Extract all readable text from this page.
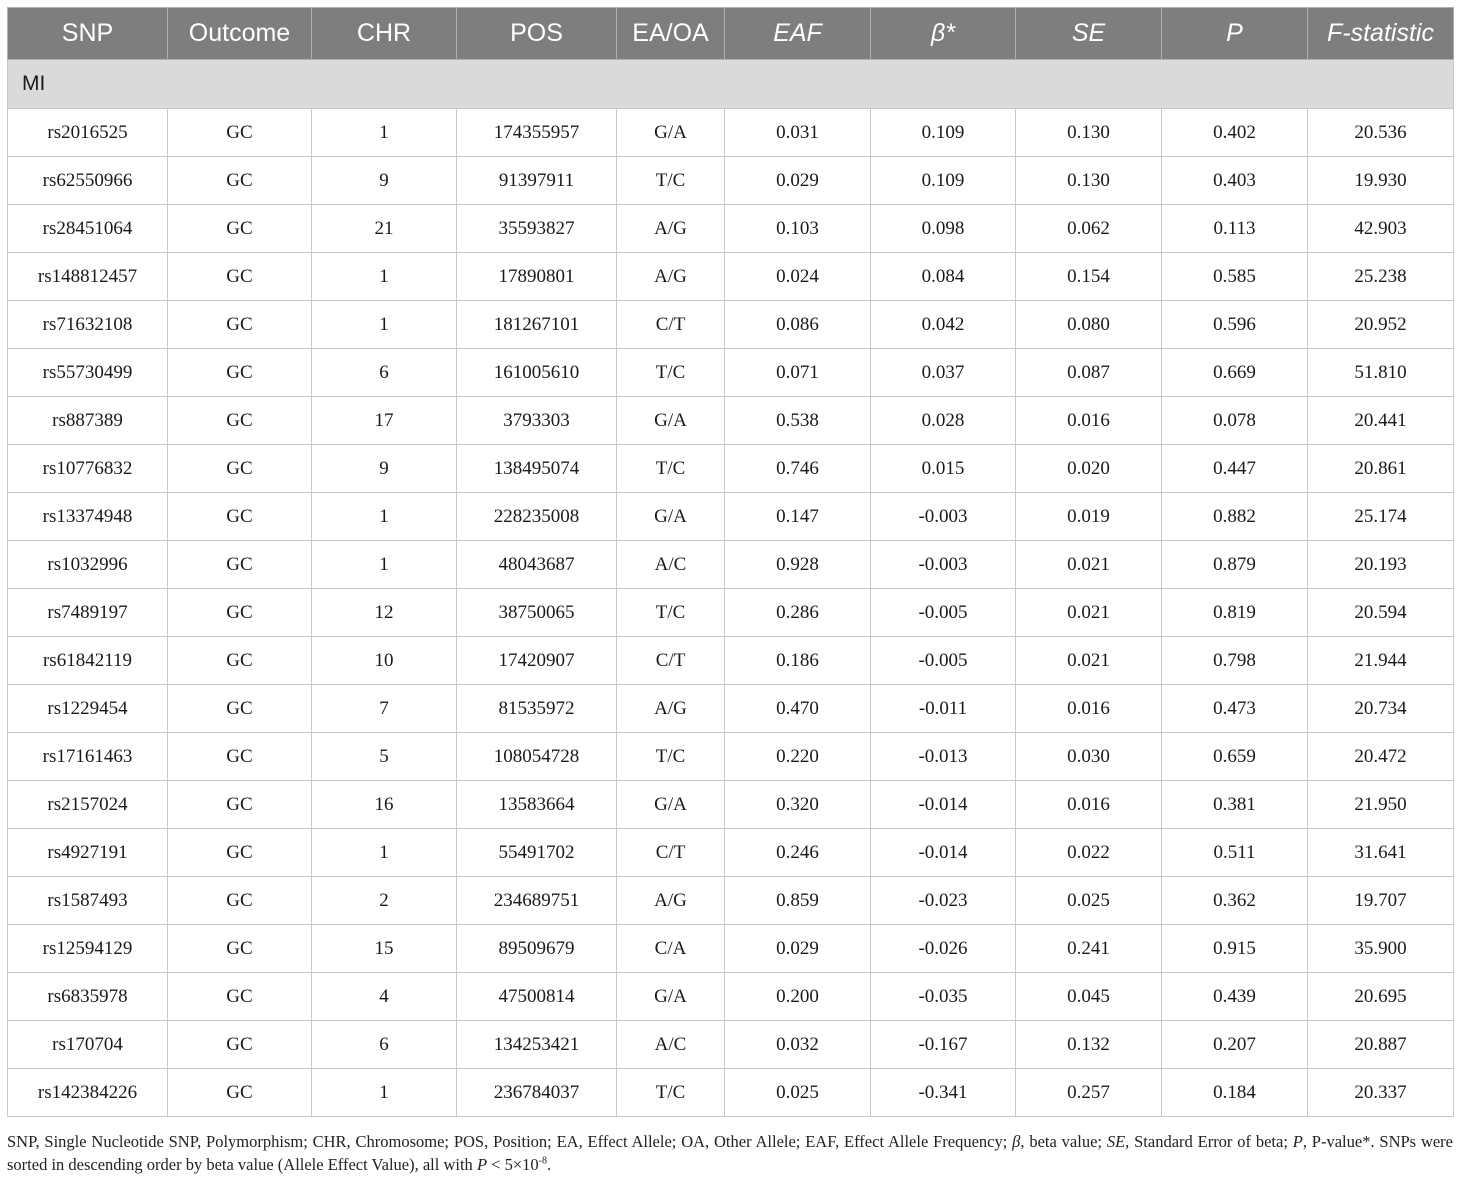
SNP	Outcome	CHR	POS	EA/OA	EAF	β*	SE	P	F-statistic
MI									
rs2016525	GC	1	174355957	G/A	0.031	0.109	0.130	0.402	20.536
rs62550966	GC	9	91397911	T/C	0.029	0.109	0.130	0.403	19.930
rs28451064	GC	21	35593827	A/G	0.103	0.098	0.062	0.113	42.903
rs148812457	GC	1	17890801	A/G	0.024	0.084	0.154	0.585	25.238
rs71632108	GC	1	181267101	C/T	0.086	0.042	0.080	0.596	20.952
rs55730499	GC	6	161005610	T/C	0.071	0.037	0.087	0.669	51.810
rs887389	GC	17	3793303	G/A	0.538	0.028	0.016	0.078	20.441
rs10776832	GC	9	138495074	T/C	0.746	0.015	0.020	0.447	20.861
rs13374948	GC	1	228235008	G/A	0.147	-0.003	0.019	0.882	25.174
rs1032996	GC	1	48043687	A/C	0.928	-0.003	0.021	0.879	20.193
rs7489197	GC	12	38750065	T/C	0.286	-0.005	0.021	0.819	20.594
rs61842119	GC	10	17420907	C/T	0.186	-0.005	0.021	0.798	21.944
rs1229454	GC	7	81535972	A/G	0.470	-0.011	0.016	0.473	20.734
rs17161463	GC	5	108054728	T/C	0.220	-0.013	0.030	0.659	20.472
rs2157024	GC	16	13583664	G/A	0.320	-0.014	0.016	0.381	21.950
rs4927191	GC	1	55491702	C/T	0.246	-0.014	0.022	0.511	31.641
rs1587493	GC	2	234689751	A/G	0.859	-0.023	0.025	0.362	19.707
rs12594129	GC	15	89509679	C/A	0.029	-0.026	0.241	0.915	35.900
rs6835978	GC	4	47500814	G/A	0.200	-0.035	0.045	0.439	20.695
rs170704	GC	6	134253421	A/C	0.032	-0.167	0.132	0.207	20.887
rs142384226	GC	1	236784037	T/C	0.025	-0.341	0.257	0.184	20.337
SNP, Single Nucleotide SNP, Polymorphism; CHR, Chromosome; POS, Position; EA, Effect Allele; OA, Other Allele; EAF, Effect Allele Frequency; β, beta value; SE, Standard Error of beta; P, P-value*. SNPs were sorted in descending order by beta value (Allele Effect Value), all with $P < 5\times 10^{-8}$.
